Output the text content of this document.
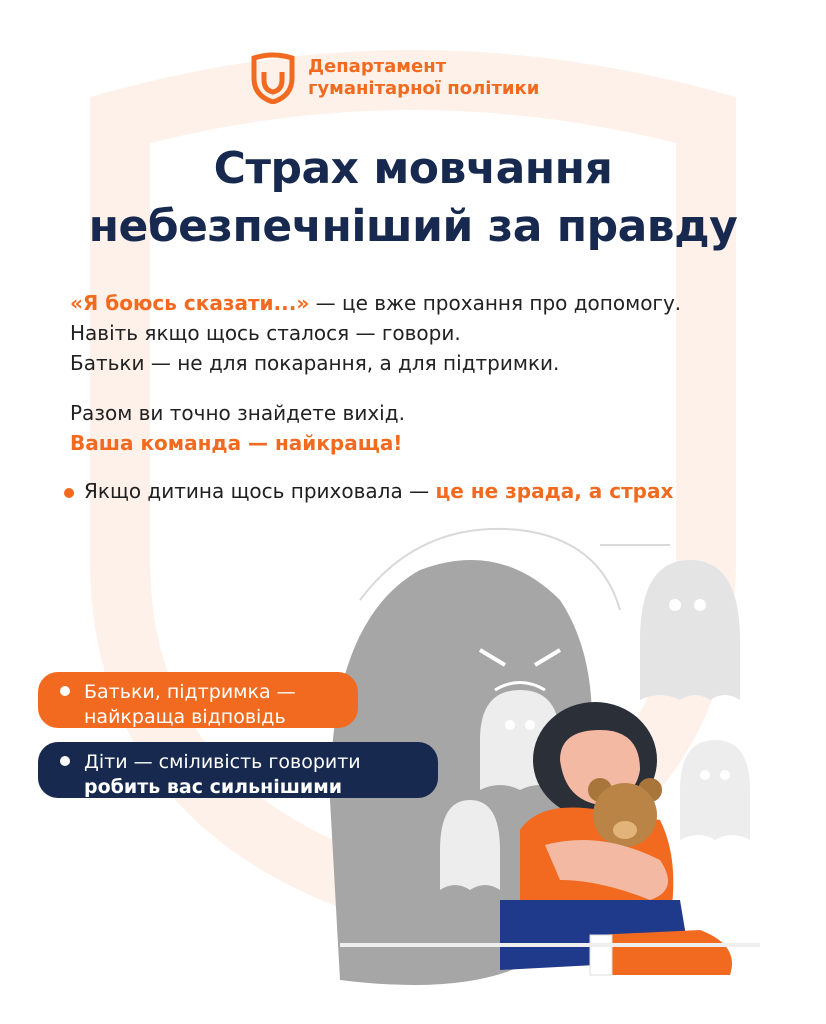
Департамент
гуманітарної політики
Страх мовчання
небезпечніший за правду
«Я боюсь сказати...» — це вже прохання про допомогу.
Навіть якщо щось сталося — говори.
Батьки — не для покарання, а для підтримки.
Разом ви точно знайдете вихід.
Ваша команда — найкраща!
Якщо дитина щось приховала — це не зрада, а страх
Батьки, підтримка —
найкраща відповідь
Діти — сміливість говорити
робить вас сильнішими
